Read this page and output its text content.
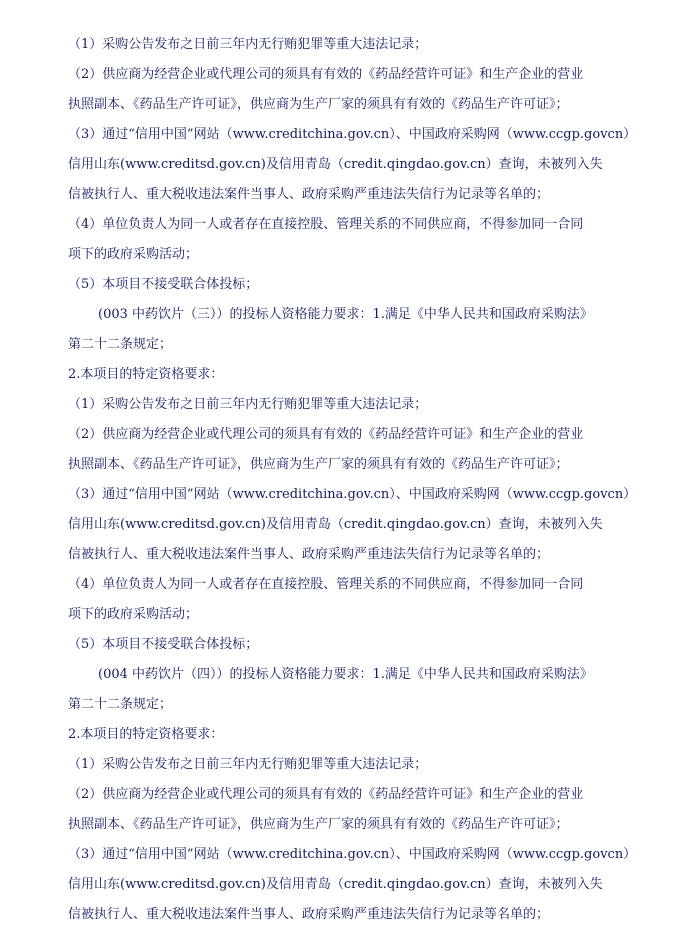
（1）采购公告发布之日前三年内无行贿犯罪等重大违法记录；
（2）供应商为经营企业或代理公司的须具有有效的《药品经营许可证》和生产企业的营业
执照副本、《药品生产许可证》，供应商为生产厂家的须具有有效的《药品生产许可证》；
（3）通过“信用中国”网站（www.creditchina.gov.cn）、中国政府采购网（www.ccgp.govcn）
信用山东(www.creditsd.gov.cn)及信用青岛（credit.qingdao.gov.cn）查询，未被列入失
信被执行人、重大税收违法案件当事人、政府采购严重违法失信行为记录等名单的；
（4）单位负责人为同一人或者存在直接控股、管理关系的不同供应商，不得参加同一合同
项下的政府采购活动；
（5）本项目不接受联合体投标；
(003 中药饮片（三））的投标人资格能力要求：1.满足《中华人民共和国政府采购法》
第二十二条规定；
2.本项目的特定资格要求：
（1）采购公告发布之日前三年内无行贿犯罪等重大违法记录；
（2）供应商为经营企业或代理公司的须具有有效的《药品经营许可证》和生产企业的营业
执照副本、《药品生产许可证》，供应商为生产厂家的须具有有效的《药品生产许可证》；
（3）通过“信用中国”网站（www.creditchina.gov.cn）、中国政府采购网（www.ccgp.govcn）
信用山东(www.creditsd.gov.cn)及信用青岛（credit.qingdao.gov.cn）查询，未被列入失
信被执行人、重大税收违法案件当事人、政府采购严重违法失信行为记录等名单的；
（4）单位负责人为同一人或者存在直接控股、管理关系的不同供应商，不得参加同一合同
项下的政府采购活动；
（5）本项目不接受联合体投标；
(004 中药饮片（四））的投标人资格能力要求：1.满足《中华人民共和国政府采购法》
第二十二条规定；
2.本项目的特定资格要求：
（1）采购公告发布之日前三年内无行贿犯罪等重大违法记录；
（2）供应商为经营企业或代理公司的须具有有效的《药品经营许可证》和生产企业的营业
执照副本、《药品生产许可证》，供应商为生产厂家的须具有有效的《药品生产许可证》；
（3）通过“信用中国”网站（www.creditchina.gov.cn）、中国政府采购网（www.ccgp.govcn）
信用山东(www.creditsd.gov.cn)及信用青岛（credit.qingdao.gov.cn）查询，未被列入失
信被执行人、重大税收违法案件当事人、政府采购严重违法失信行为记录等名单的；
